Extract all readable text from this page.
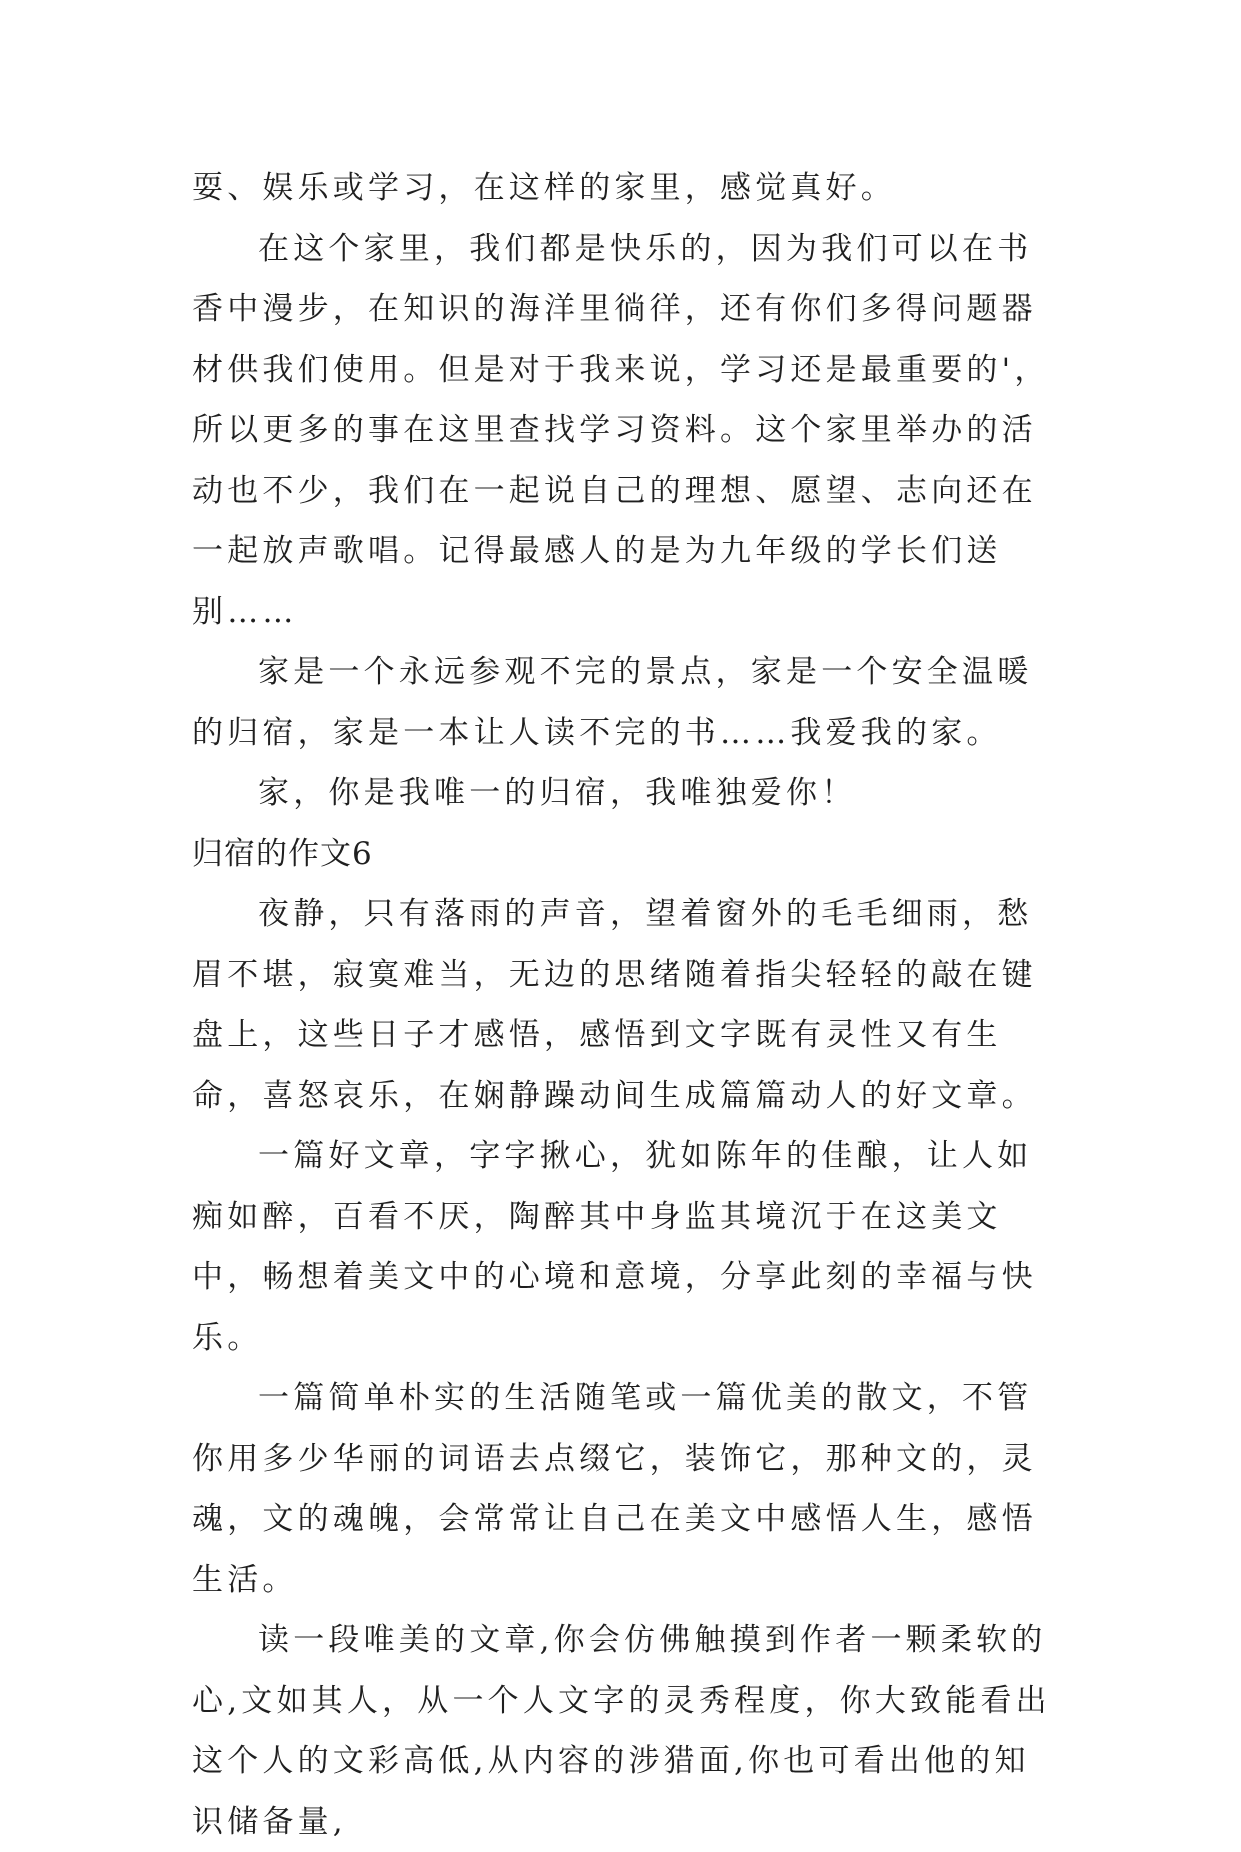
耍、娱乐或学习，在这样的家里，感觉真好。

在这个家里，我们都是快乐的，因为我们可以在书香中漫步，在知识的海洋里徜徉，还有你们多得问题器材供我们使用。但是对于我来说，学习还是最重要的'，所以更多的事在这里查找学习资料。这个家里举办的活动也不少，我们在一起说自己的理想、愿望、志向还在一起放声歌唱。记得最感人的是为九年级的学长们送别……

家是一个永远参观不完的景点，家是一个安全温暖的归宿，家是一本让人读不完的书……我爱我的家。

家，你是我唯一的归宿，我唯独爱你！

归宿的作文6

夜静，只有落雨的声音，望着窗外的毛毛细雨，愁眉不堪，寂寞难当，无边的思绪随着指尖轻轻的敲在键盘上，这些日子才感悟，感悟到文字既有灵性又有生命，喜怒哀乐，在娴静躁动间生成篇篇动人的好文章。

一篇好文章，字字揪心，犹如陈年的佳酿，让人如痴如醉，百看不厌，陶醉其中身监其境沉于在这美文中，畅想着美文中的心境和意境，分享此刻的幸福与快乐。

一篇简单朴实的生活随笔或一篇优美的散文，不管你用多少华丽的词语去点缀它，装饰它，那种文的，灵魂，文的魂魄，会常常让自己在美文中感悟人生，感悟生活。

读一段唯美的文章,你会仿佛触摸到作者一颗柔软的心,文如其人，从一个人文字的灵秀程度，你大致能看出这个人的文彩高低,从内容的涉猎面,你也可看出他的知识储备量,
